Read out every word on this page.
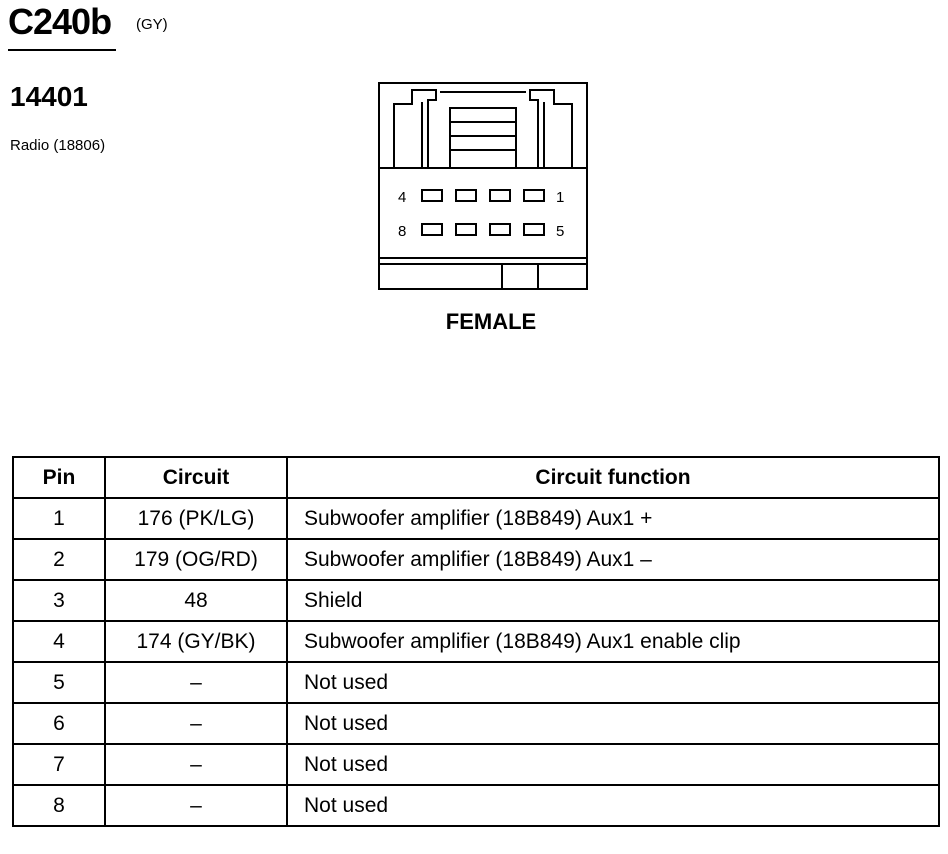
C240b (GY)
14401
Radio (18806)
4	1
8	5
FEMALE
Pin	Circuit	Circuit function
1	176 (PK/LG)	Subwoofer amplifier (18B849) Aux1 +
2	179 (OG/RD)	Subwoofer amplifier (18B849) Aux1 –
3	48	Shield
4	174 (GY/BK)	Subwoofer amplifier (18B849) Aux1 enable clip
5	–	Not used
6	–	Not used
7	–	Not used
8	–	Not used
